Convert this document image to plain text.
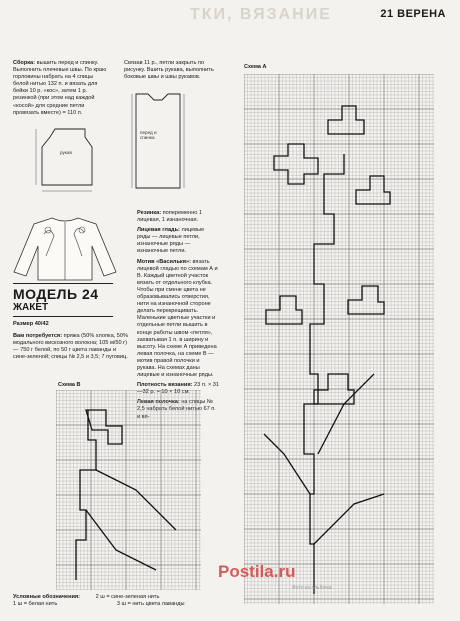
ТКИ, ВЯЗАНИЕ	21 ВЕРЕНА
Сборка: вышить перед и спинку. Выполнить плечевые швы. По краю горловины набрать на 4 спицы белой нитью 132 п. и вязать для бейки 10 р. «кос», затем 1 р. резинкой (при этом над каждой «косой» для средние петли провязать вместе) = 110 п.
Связав 11 р., петли закрыть по рисунку. Вшить рукава, выполнить боковые швы и швы рукавов.
рукав
перед и спинка
МОДЕЛЬ 24
ЖАКЕТ
Размер 40/42
Вам потребуется: пряжа (50% хлопка, 50% модального вискозного волокна; 105 м/50 г) — 750 г белой, по 50 г цвета лаванды и сине-зеленой; спицы № 2,5 и 3,5; 7 пуговиц.
Резинка: попеременно 1 лицевая, 1 изнаночная.
Лицевая гладь: лицевые ряды — лицевые петли, изнаночные ряды — изнаночные петли.
Мотив «Василькя»: вязать лицевой гладью по схемам А и В. Каждый цветной участок вязать от отдельного клубка. Чтобы при смене цвета не образовывались отверстия, нити на изнаночной стороне делать перекрещивать. Маленькие цветные участки и отдельные петли вышить в конце работы швом «петля», захватывая 1 п. в ширину и высоту. На схеме А приведена левая полочка, на схеме В — мотив правой полочки и рукава. На схемах даны лицевые и изнаночные ряды.
Плотность вязания: 23 п. × 31—32 р. = 10 × 10 см.
Левая полочка: на спицы № 2,5 набрать белой нитью 67 п. и вя-
Схема А
Схема В
Условные обозначения:	2 ш = сине-зеленая нить
1 ш = белая нить	3 ш = нить цвета лаванды
Postila.ru
Фото из альбома
